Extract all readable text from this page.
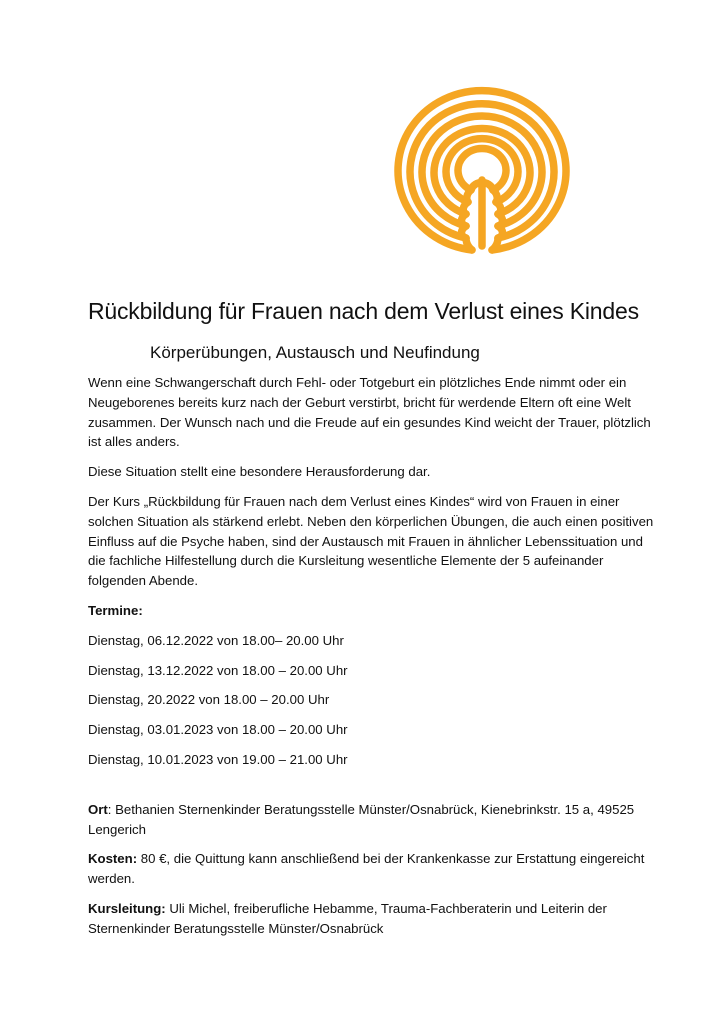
Rückbildung für Frauen nach dem Verlust eines Kindes
Körperübungen, Austausch und Neufindung

Wenn eine Schwangerschaft durch Fehl- oder Totgeburt ein plötzliches Ende nimmt oder ein Neugeborenes bereits kurz nach der Geburt verstirbt, bricht für werdende Eltern oft eine Welt zusammen. Der Wunsch nach und die Freude auf ein gesundes Kind weicht der Trauer, plötzlich ist alles anders.

Diese Situation stellt eine besondere Herausforderung dar.

Der Kurs „Rückbildung für Frauen nach dem Verlust eines Kindes“ wird von Frauen in einer solchen Situation als stärkend erlebt. Neben den körperlichen Übungen, die auch einen positiven Einfluss auf die Psyche haben, sind der Austausch mit Frauen in ähnlicher Lebenssituation und die fachliche Hilfestellung durch die Kursleitung wesentliche Elemente der 5 aufeinander folgenden Abende.

Termine:

Dienstag, 06.12.2022 von 18.00– 20.00 Uhr

Dienstag, 13.12.2022 von 18.00 – 20.00 Uhr

Dienstag, 20.2022 von 18.00 – 20.00 Uhr

Dienstag, 03.01.2023 von 18.00 – 20.00 Uhr

Dienstag, 10.01.2023 von 19.00 – 21.00 Uhr

Ort: Bethanien Sternenkinder Beratungsstelle Münster/Osnabrück, Kienebrinkstr. 15 a, 49525 Lengerich

Kosten: 80 €, die Quittung kann anschließend bei der Krankenkasse zur Erstattung eingereicht werden.

Kursleitung: Uli Michel, freiberufliche Hebamme, Trauma-Fachberaterin und Leiterin der Sternenkinder Beratungsstelle Münster/Osnabrück
